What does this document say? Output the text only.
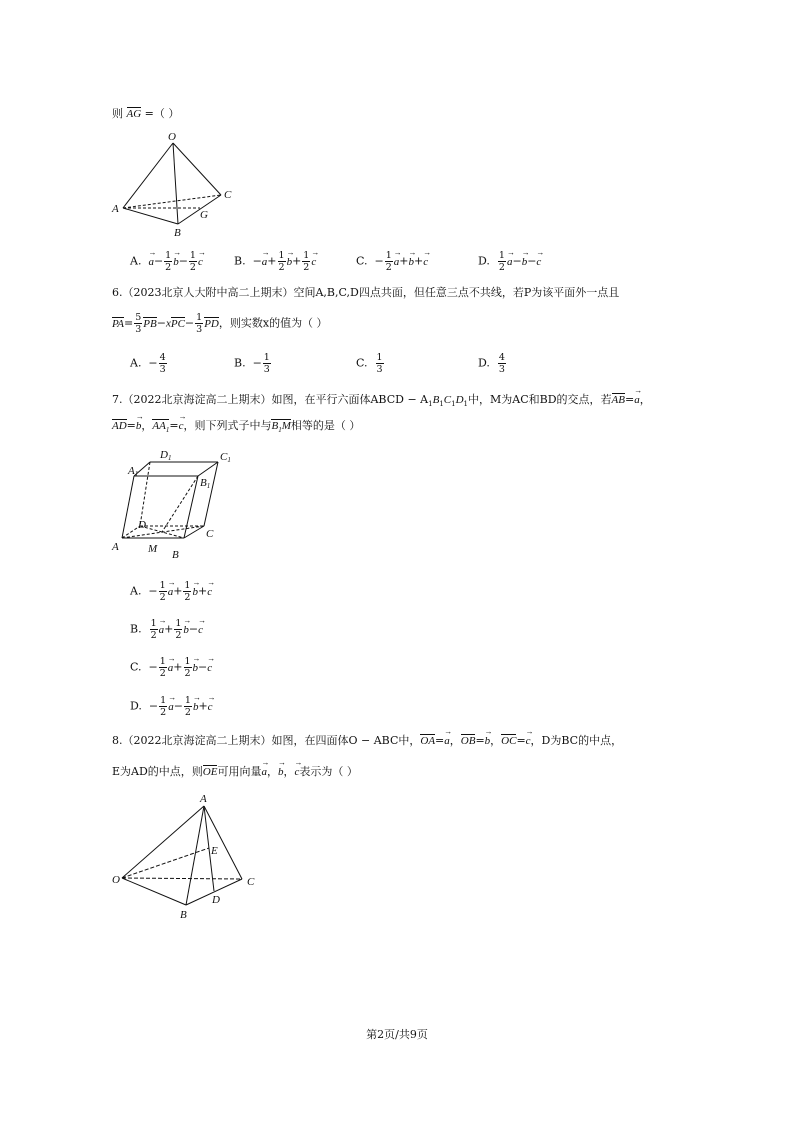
则 AG =（ ）
O
A
B
C
G
A.  $a \to- \frac{1}{2}$ $b \to- \frac{1}{2}$ c →	B.  $-a \to+ \frac{1}{2}$ $b \to+ \frac{1}{2}$ c →	C.  − $\frac{1}{2}$ a →+b →+c →	D. $\frac{1}{2}$ a →−b →−c →
6.（2023北京人大附中高二上期末）空间A,B,C,D四点共面，但任意三点不共线，若P为该平面外一点且
$PA= \frac{5}{3} PB-xPC- \frac{1}{3}$ PD，则实数x的值为（ ）
A.  − $\frac{4}{3}$	B.  − $\frac{1}{3}$	C. $\frac{1}{3}$	D. $\frac{4}{3}$
7.（2022北京海淀高二上期末）如图，在平行六面体ABCD − $A_1B_1C_1D_1$中，M为AC和BD的交点，若AB=a →，
AD=b →，$AA_1=c$ →，则下列式子中与$B_1M$相等的是（ ）
D1	C1
A1
B1
D
C
A	M B
A.  − $\frac{1}{2}$ $a \to+ \frac{1}{2}$ b →+c →
B. $\frac{1}{2}$ $a \to+ \frac{1}{2}$ b →−c →
C.  − $\frac{1}{2}$ $a \to+ \frac{1}{2}$ b →−c →
D.  − $\frac{1}{2}$ $a \to- \frac{1}{2}$ b →+c →
8.（2022北京海淀高二上期末）如图，在四面体O − ABC中，OA=a →，OB=b →，OC=c →，D为BC的中点，
E为AD的中点，则OE可用向量a →，b →，c →表示为（ ）
A
E
O	C
B
D
第2页/共9页
